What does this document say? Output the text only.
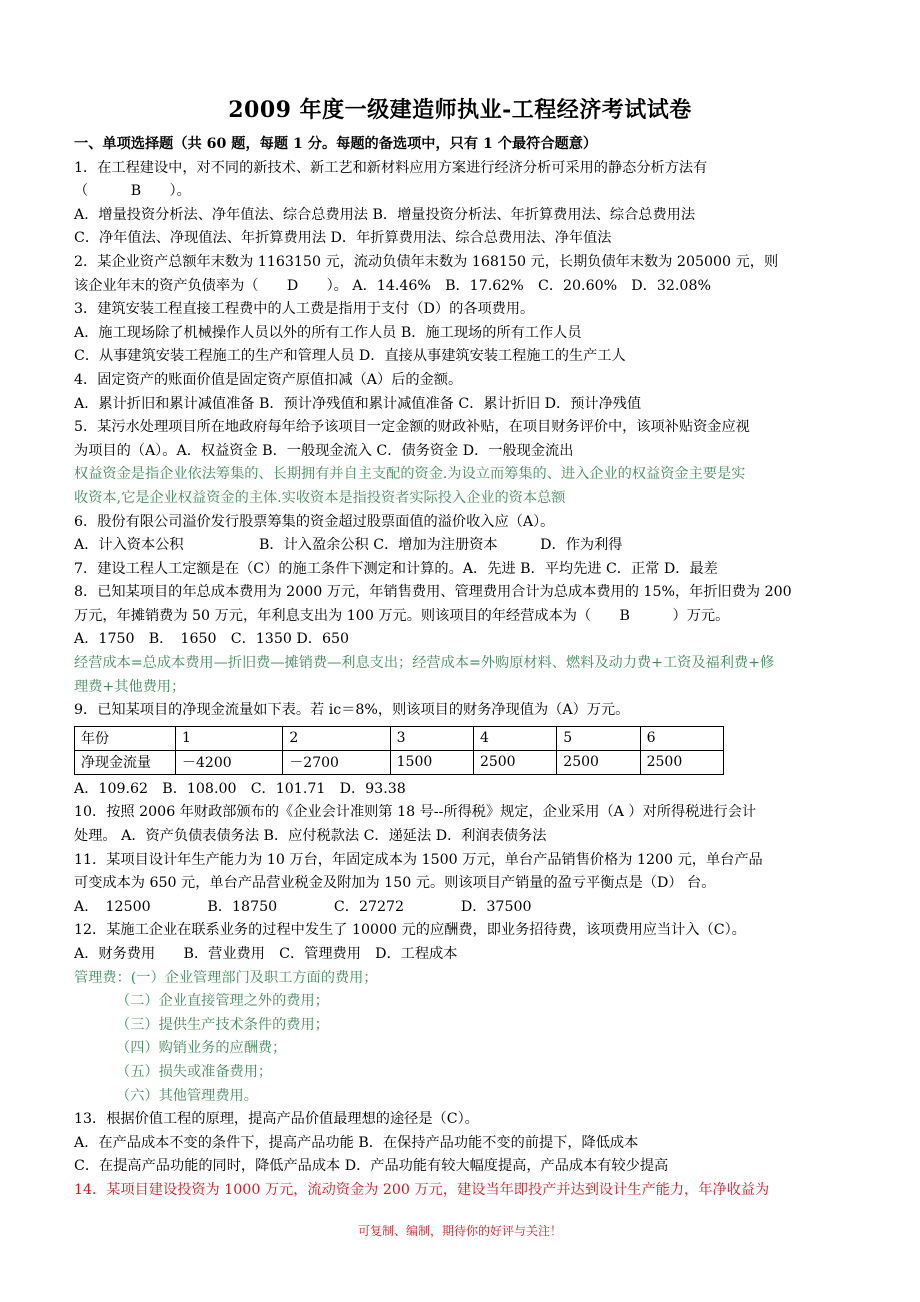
2009 年度一级建造师执业-工程经济考试试卷
一、单项选择题（共 60 题，每题 1 分。每题的备选项中，只有 1 个最符合题意）
1．在工程建设中，对不同的新技术、新工艺和新材料应用方案进行经济分析可采用的静态分析方法有
（　　　B　　）。
A．增量投资分析法、净年值法、综合总费用法 B．增量投资分析法、年折算费用法、综合总费用法
C．净年值法、净现值法、年折算费用法 D．年折算费用法、综合总费用法、净年值法
2．某企业资产总额年末数为 1163150 元，流动负债年末数为 168150 元，长期负债年末数为 205000 元，则
该企业年末的资产负债率为（　　D　　）。 A．14.46%　B．17.62%　C．20.60%　D．32.08%
3．建筑安装工程直接工程费中的人工费是指用于支付（D）的各项费用。
A．施工现场除了机械操作人员以外的所有工作人员 B．施工现场的所有工作人员
C．从事建筑安装工程施工的生产和管理人员 D．直接从事建筑安装工程施工的生产工人
4．固定资产的账面价值是固定资产原值扣减（A）后的金额。
A．累计折旧和累计减值准备 B．预计净残值和累计减值准备 C．累计折旧 D．预计净残值
5．某污水处理项目所在地政府每年给予该项目一定金额的财政补贴，在项目财务评价中，该项补贴资金应视
为项目的（A）。A．权益资金 B．一般现金流入 C．债务资金 D．一般现金流出
权益资金是指企业依法筹集的、长期拥有并自主支配的资金.为设立而筹集的、进入企业的权益资金主要是实
收资本,它是企业权益资金的主体.实收资本是指投资者实际投入企业的资本总额
6．股份有限公司溢价发行股票筹集的资金超过股票面值的溢价收入应（A）。
A．计入资本公积　　　　　 B．计入盈余公积 C．增加为注册资本　　　D．作为利得
7．建设工程人工定额是在（C）的施工条件下测定和计算的。A．先进 B．平均先进 C．正常 D．最差
8．已知某项目的年总成本费用为 2000 万元，年销售费用、管理费用合计为总成本费用的 15%，年折旧费为 200
万元，年摊销费为 50 万元，年利息支出为 100 万元。则该项目的年经营成本为（　　B　　　）万元。
A．1750　B．　1650　C．1350 D．650
经营成本=总成本费用—折旧费—摊销费—利息支出；经营成本=外购原材料、燃料及动力费+工资及福利费+修
理费+其他费用；
9．已知某项目的净现金流量如下表。若 ic＝8%，则该项目的财务净现值为（A）万元。
年份	1	2	3	4	5	6
净现金流量	－4200	－2700	1500	2500	2500	2500
A．109.62　B．108.00　C．101.71　D．93.38
10．按照 2006 年财政部颁布的《企业会计准则第 18 号--所得税》规定，企业采用（A ）对所得税进行会计
处理。 A．资产负债表债务法 B．应付税款法 C．递延法 D．利润表债务法
11．某项目设计年生产能力为 10 万台，年固定成本为 1500 万元，单台产品销售价格为 1200 元，单台产品
可变成本为 650 元，单台产品营业税金及附加为 150 元。则该项目产销量的盈亏平衡点是（D） 台。
A．　12500　　　　B．18750　　　　C．27272　　　　D．37500
12．某施工企业在联系业务的过程中发生了 10000 元的应酬费，即业务招待费，该项费用应当计入（C）。
A．财务费用　　B．营业费用　C．管理费用　D．工程成本
管理费：(一）企业管理部门及职工方面的费用；
（二）企业直接管理之外的费用；
（三）提供生产技术条件的费用；
（四）购销业务的应酬费；
（五）损失或准备费用；
（六）其他管理费用。
13．根据价值工程的原理，提高产品价值最理想的途径是（C）。
A．在产品成本不变的条件下，提高产品功能 B．在保持产品功能不变的前提下，降低成本
C．在提高产品功能的同时，降低产品成本 D．产品功能有较大幅度提高，产品成本有较少提高
14．某项目建设投资为 1000 万元，流动资金为 200 万元，建设当年即投产并达到设计生产能力，年净收益为
可复制、编制，期待你的好评与关注！
